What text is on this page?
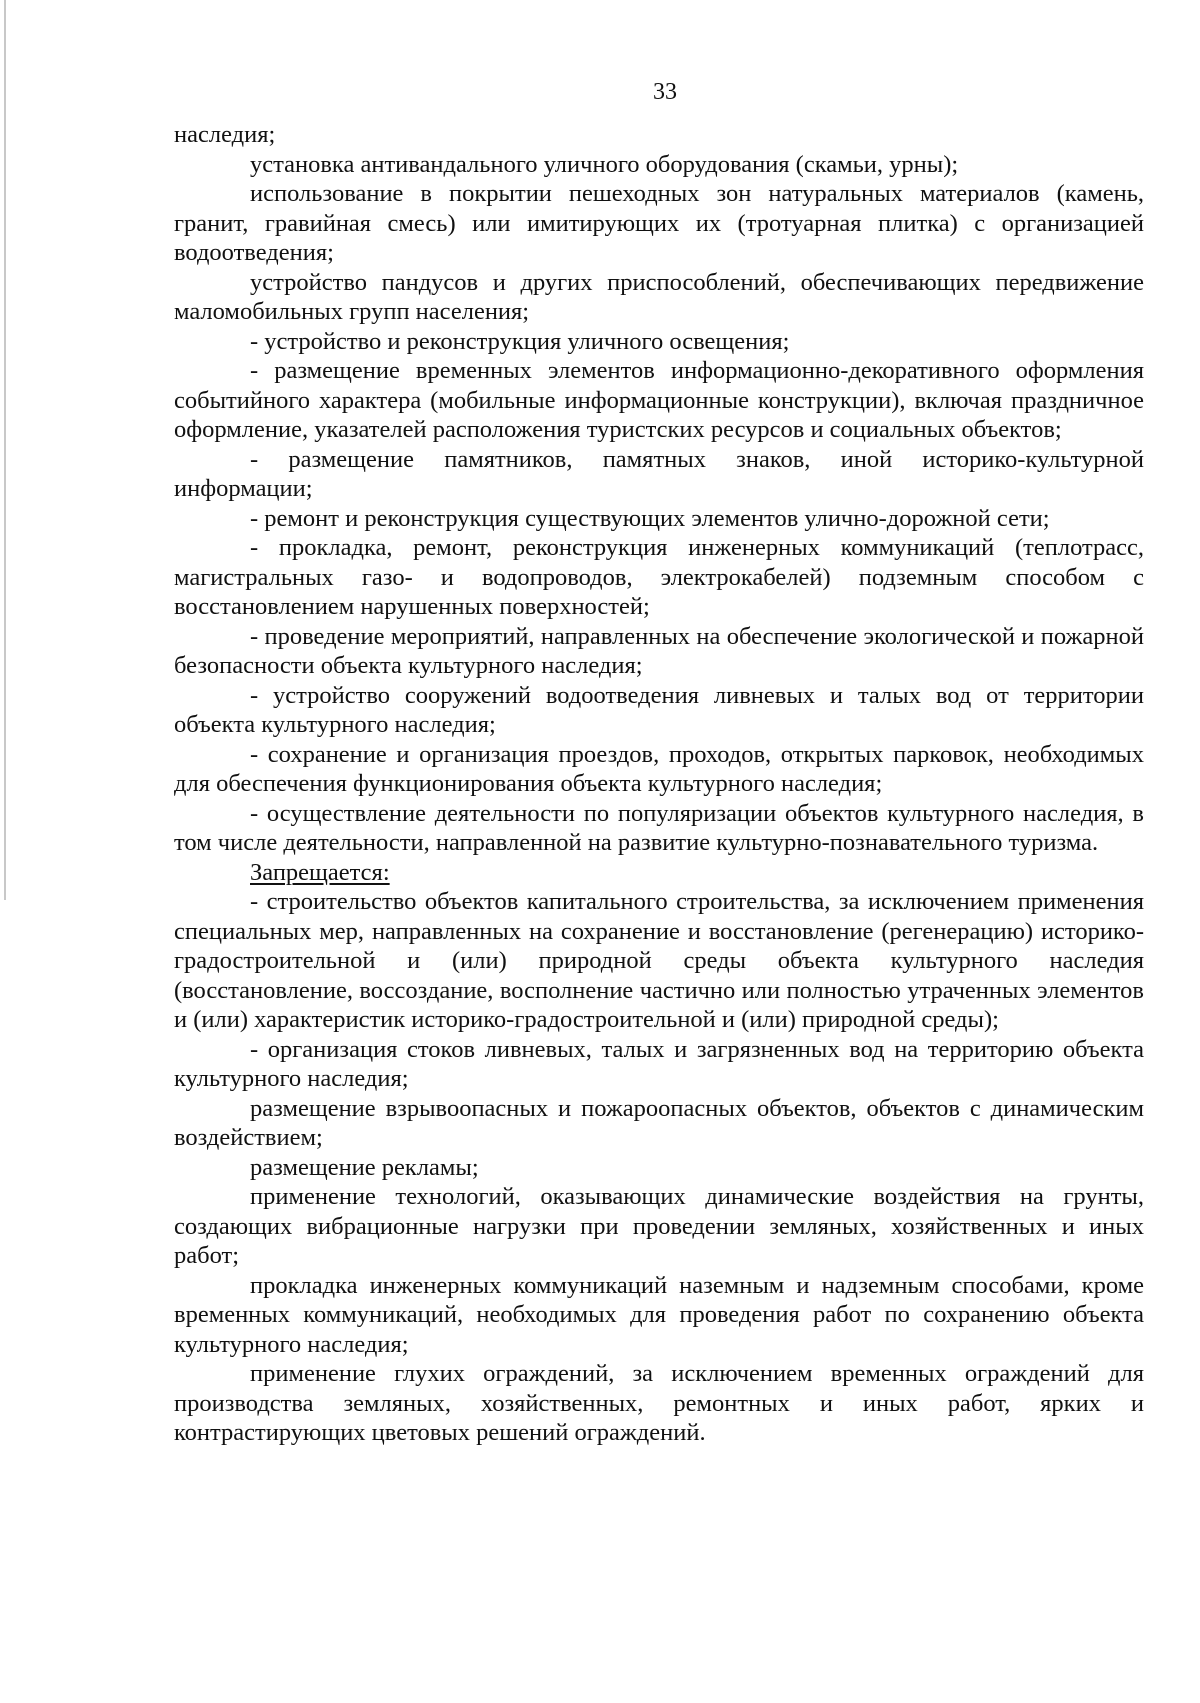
33

наследия;

установка антивандального уличного оборудования (скамьи, урны);

использование в покрытии пешеходных зон натуральных материалов (камень, гранит, гравийная смесь) или имитирующих их (тротуарная плитка) с организацией водоотведения;

устройство пандусов и других приспособлений, обеспечивающих передвижение маломобильных групп населения;

- устройство и реконструкция уличного освещения;

- размещение временных элементов информационно-декоративного оформления событийного характера (мобильные информационные конструкции), включая праздничное оформление, указателей расположения туристских ресурсов и социальных объектов;

- размещение памятников, памятных знаков, иной историко-культурной информации;

- ремонт и реконструкция существующих элементов улично-дорожной сети;

- прокладка, ремонт, реконструкция инженерных коммуникаций (теплотрасс, магистральных газо- и водопроводов, электрокабелей) подземным способом с восстановлением нарушенных поверхностей;

- проведение мероприятий, направленных на обеспечение экологической и пожарной безопасности объекта культурного наследия;

- устройство сооружений водоотведения ливневых и талых вод от территории объекта культурного наследия;

- сохранение и организация проездов, проходов, открытых парковок, необходимых для обеспечения функционирования объекта культурного наследия;

- осуществление деятельности по популяризации объектов культурного наследия, в том числе деятельности, направленной на развитие культурно-познавательного туризма.

Запрещается:

- строительство объектов капитального строительства, за исключением применения специальных мер, направленных на сохранение и восстановление (регенерацию) историко-градостроительной и (или) природной среды объекта культурного наследия (восстановление, воссоздание, восполнение частично или полностью утраченных элементов и (или) характеристик историко-градостроительной и (или) природной среды);

- организация стоков ливневых, талых и загрязненных вод на территорию объекта культурного наследия;

размещение взрывоопасных и пожароопасных объектов, объектов с динамическим воздействием;

размещение рекламы;

применение технологий, оказывающих динамические воздействия на грунты, создающих вибрационные нагрузки при проведении земляных, хозяйственных и иных работ;

прокладка инженерных коммуникаций наземным и надземным способами, кроме временных коммуникаций, необходимых для проведения работ по сохранению объекта культурного наследия;

применение глухих ограждений, за исключением временных ограждений для производства земляных, хозяйственных, ремонтных и иных работ, ярких и контрастирующих цветовых решений ограждений.
